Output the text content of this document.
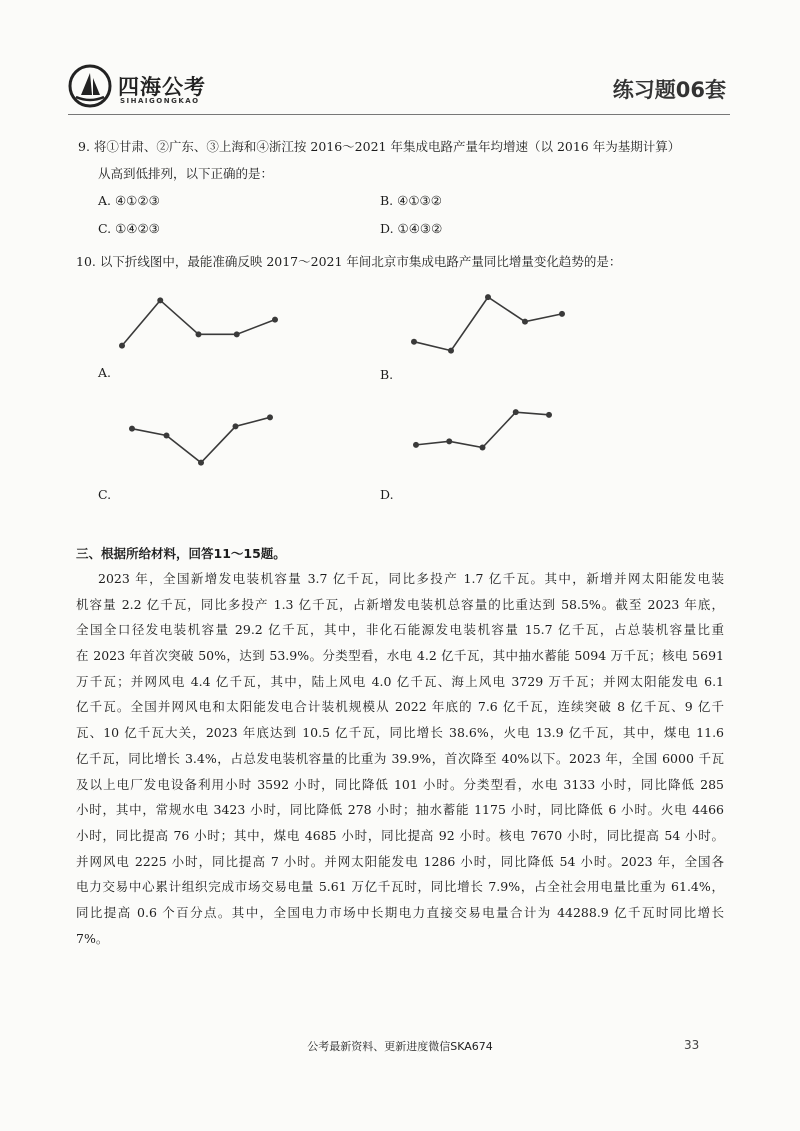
四海公考
SIHAIGONGKAO	练习题06套
9. 将①甘肃、②广东、③上海和④浙江按 2016～2021 年集成电路产量年均增速（以 2016 年为基期计算）
从高到低排列，以下正确的是：
A. ④①②③	B. ④①③②
C. ①④②③	D. ①④③②
10. 以下折线图中，最能准确反映 2017～2021 年间北京市集成电路产量同比增量变化趋势的是：
A.	B.
C.	D.
三、根据所给材料，回答11～15题。
2023 年，全国新增发电装机容量 3.7 亿千瓦，同比多投产 1.7 亿千瓦。其中，新增并网太阳能发电装
机容量 2.2 亿千瓦，同比多投产 1.3 亿千瓦，占新增发电装机总容量的比重达到 58.5%。截至 2023 年底，
全国全口径发电装机容量 29.2 亿千瓦，其中，非化石能源发电装机容量 15.7 亿千瓦，占总装机容量比重
在 2023 年首次突破 50%，达到 53.9%。分类型看，水电 4.2 亿千瓦，其中抽水蓄能 5094 万千瓦；核电 5691
万千瓦；并网风电 4.4 亿千瓦，其中，陆上风电 4.0 亿千瓦、海上风电 3729 万千瓦；并网太阳能发电 6.1
亿千瓦。全国并网风电和太阳能发电合计装机规模从 2022 年底的 7.6 亿千瓦，连续突破 8 亿千瓦、9 亿千
瓦、10 亿千瓦大关，2023 年底达到 10.5 亿千瓦，同比增长 38.6%，火电 13.9 亿千瓦，其中，煤电 11.6
亿千瓦，同比增长 3.4%，占总发电装机容量的比重为 39.9%，首次降至 40%以下。2023 年，全国 6000 千瓦
及以上电厂发电设备利用小时 3592 小时，同比降低 101 小时。分类型看，水电 3133 小时，同比降低 285
小时，其中，常规水电 3423 小时，同比降低 278 小时；抽水蓄能 1175 小时，同比降低 6 小时。火电 4466
小时，同比提高 76 小时；其中，煤电 4685 小时，同比提高 92 小时。核电 7670 小时，同比提高 54 小时。
并网风电 2225 小时，同比提高 7 小时。并网太阳能发电 1286 小时，同比降低 54 小时。2023 年，全国各
电力交易中心累计组织完成市场交易电量 5.61 万亿千瓦时，同比增长 7.9%，占全社会用电量比重为 61.4%，
同比提高 0.6 个百分点。其中，全国电力市场中长期电力直接交易电量合计为 44288.9 亿千瓦时同比增长
7%。
公考最新资料、更新进度微信SKA674	33
